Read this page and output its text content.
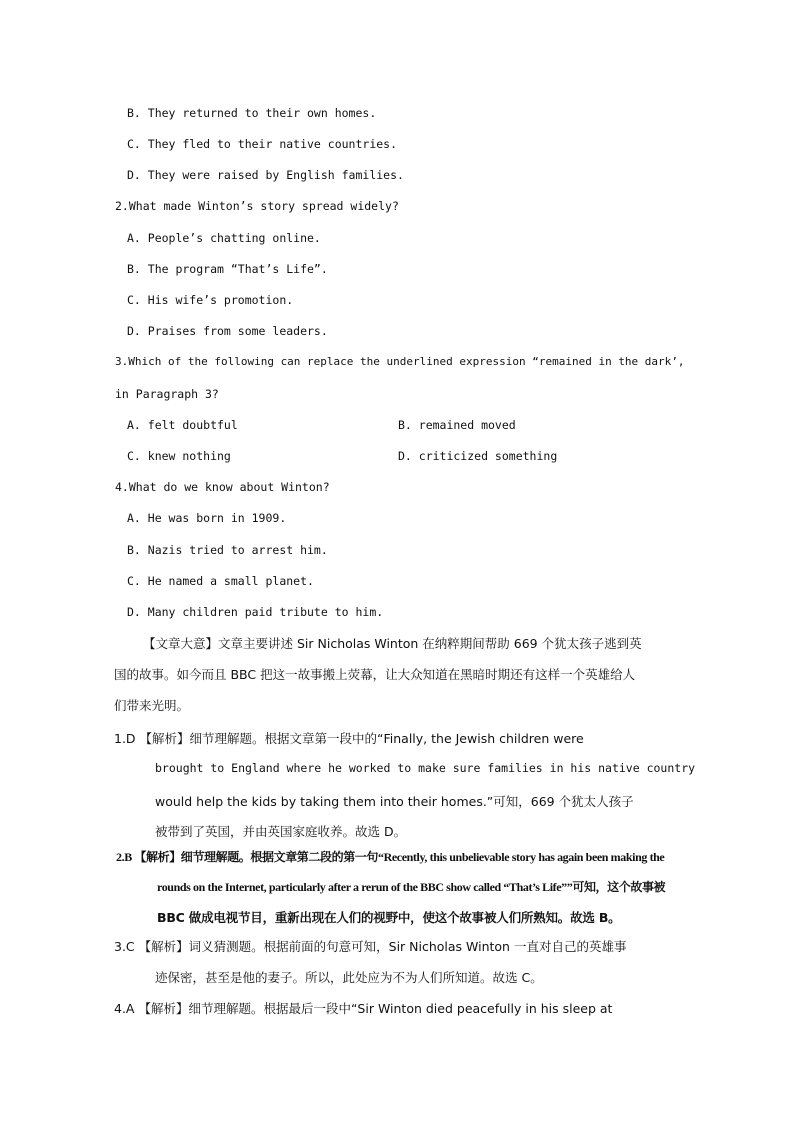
B. They returned to their own homes.
C. They fled to their native countries.
D. They were raised by English families.
2.What made Winton’s story spread widely?
A. People’s chatting online.
B. The program “That’s Life”.
C. His wife’s promotion.
D. Praises from some leaders.
3.Which of the following can replace the underlined expression “remained in the dark’,
in Paragraph 3?
A. felt doubtful	B. remained moved
C. knew nothing	D. criticized something
4.What do we know about Winton?
A. He was born in 1909.
B. Nazis tried to arrest him.
C. He named a small planet.
D. Many children paid tribute to him.
【文章大意】文章主要讲述 Sir Nicholas Winton 在纳粹期间帮助 669 个犹太孩子逃到英
国的故事。如今而且 BBC 把这一故事搬上荧幕，让大众知道在黑暗时期还有这样一个英雄给人
们带来光明。
1.D 【解析】细节理解题。根据文章第一段中的“Finally, the Jewish children were
brought to England where he worked to make sure families in his native country
would help the kids by taking them into their homes.”可知，669 个犹太人孩子
被带到了英国，并由英国家庭收养。故选 D。
2.B 【解析】细节理解题。根据文章第二段的第一句“Recently, this unbelievable story has again been making the
rounds on the Internet, particularly after a rerun of the BBC show called “That’s Life””可知，这个故事被
BBC 做成电视节目，重新出现在人们的视野中，使这个故事被人们所熟知。故选 B。
3.C 【解析】词义猜测题。根据前面的句意可知，Sir Nicholas Winton 一直对自己的英雄事
迹保密，甚至是他的妻子。所以，此处应为不为人们所知道。故选 C。
4.A 【解析】细节理解题。根据最后一段中“Sir Winton died peacefully in his sleep at
